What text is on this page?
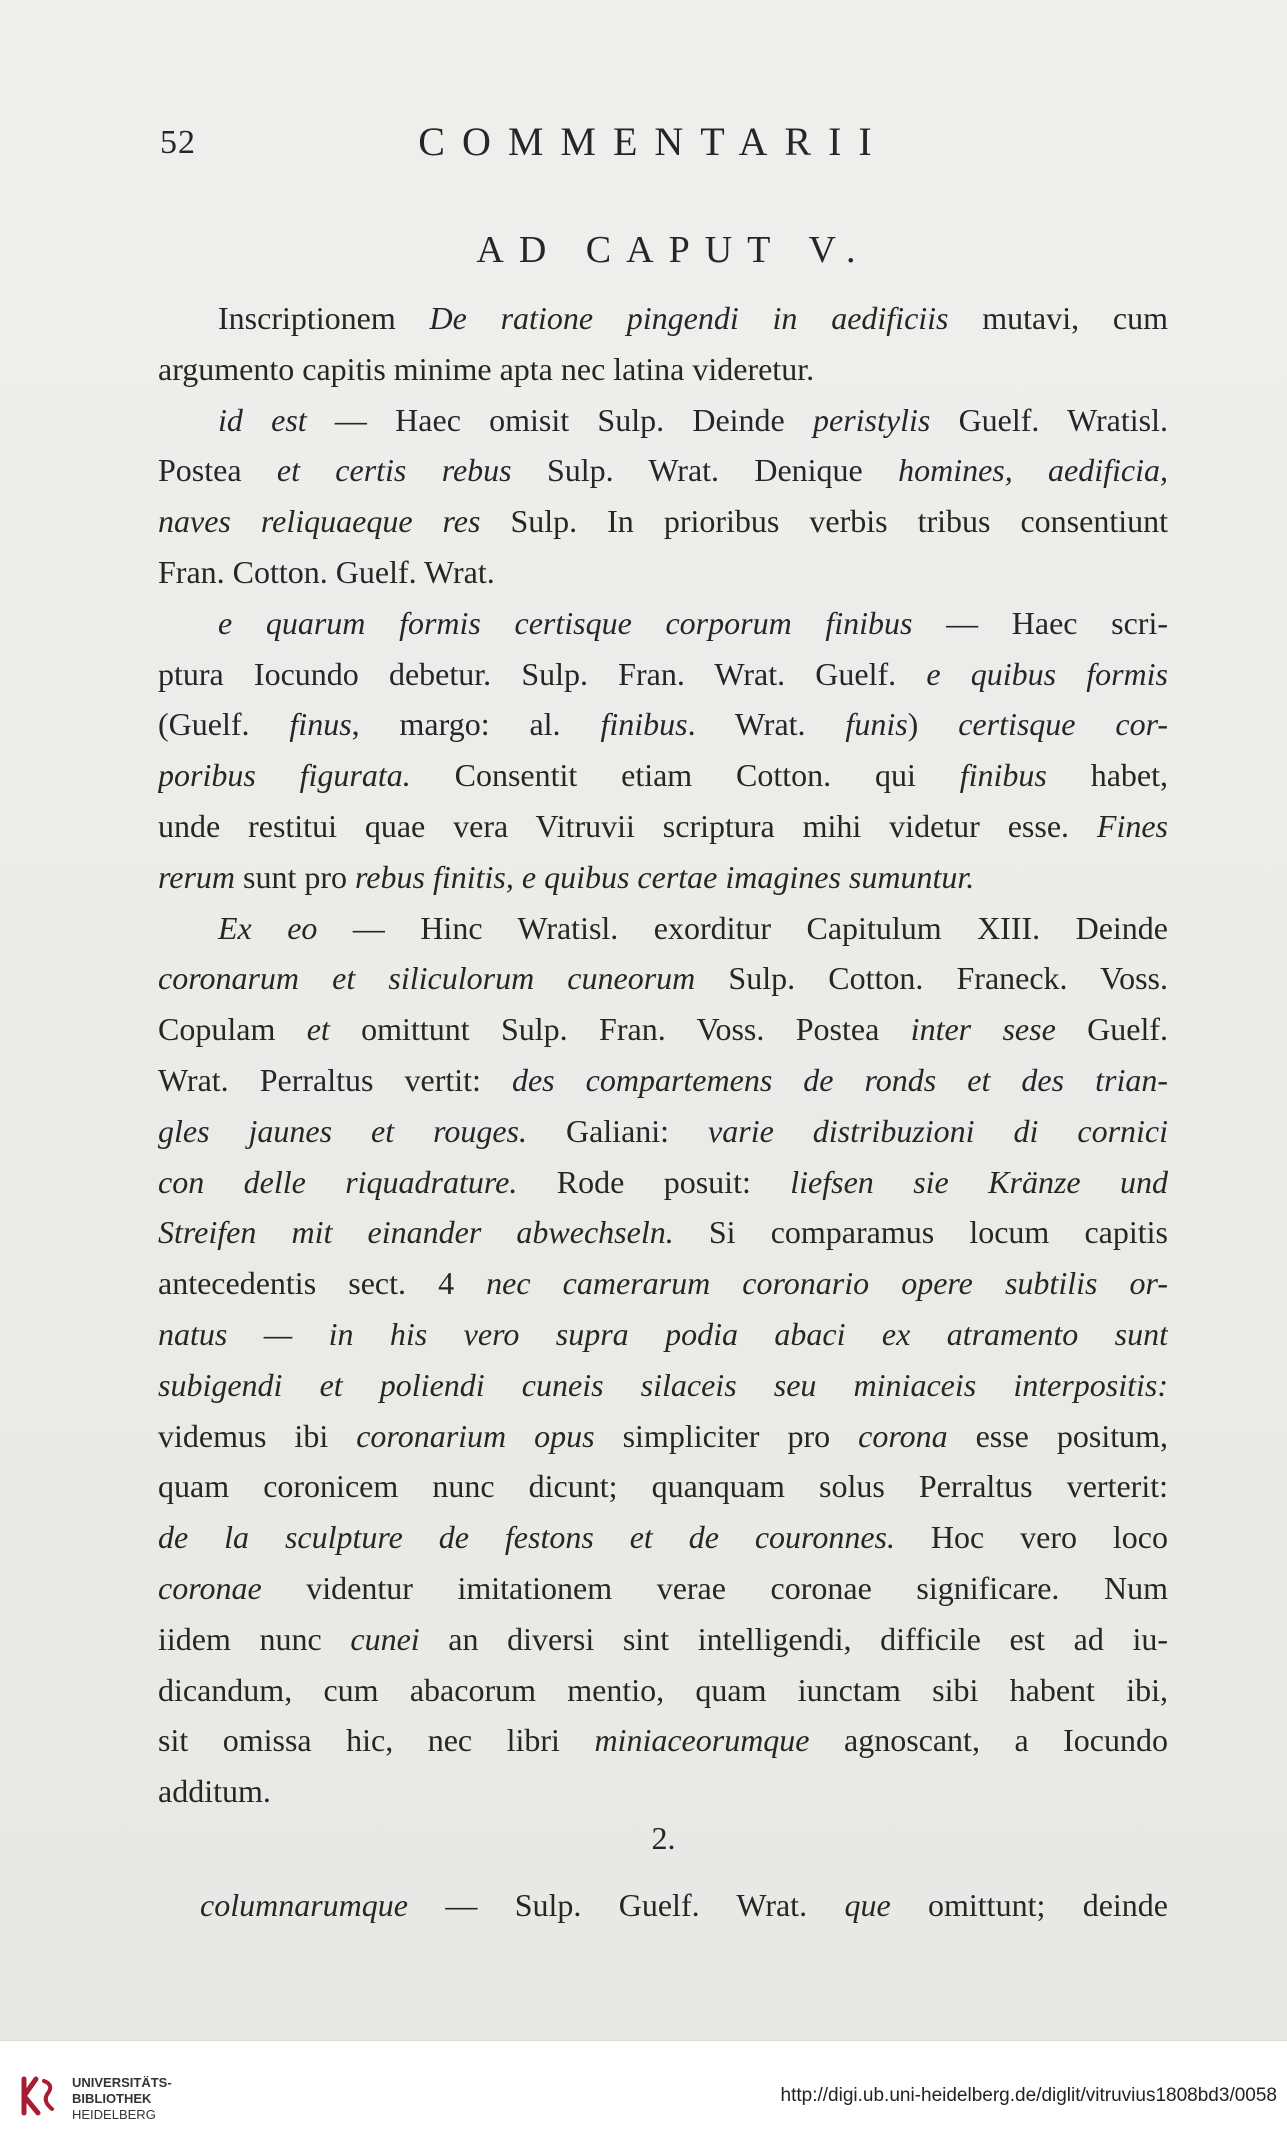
52	COMMENTARII
AD CAPUT V.
Inscriptionem De ratione pingendi in aedificiis mutavi, cum
argumento capitis minime apta nec latina videretur.
id est — Haec omisit Sulp. Deinde peristylis Guelf. Wratisl.
Postea et certis rebus Sulp. Wrat. Denique homines, aedificia,
naves reliquaeque res Sulp. In prioribus verbis tribus consentiunt
Fran. Cotton. Guelf. Wrat.
e quarum formis certisque corporum finibus — Haec scri-
ptura Iocundo debetur. Sulp. Fran. Wrat. Guelf. e quibus formis
(Guelf. finus, margo: al. finibus. Wrat. funis) certisque cor-
poribus figurata. Consentit etiam Cotton. qui finibus habet,
unde restitui quae vera Vitruvii scriptura mihi videtur esse. Fines
rerum sunt pro rebus finitis, e quibus certae imagines sumuntur.
Ex eo — Hinc Wratisl. exorditur Capitulum XIII. Deinde
coronarum et siliculorum cuneorum Sulp. Cotton. Franeck. Voss.
Copulam et omittunt Sulp. Fran. Voss. Postea inter sese Guelf.
Wrat. Perraltus vertit: des compartemens de ronds et des trian-
gles jaunes et rouges. Galiani: varie distribuzioni di cornici
con delle riquadrature. Rode posuit: liefsen sie Kränze und
Streifen mit einander abwechseln. Si comparamus locum capitis
antecedentis sect. 4 nec camerarum coronario opere subtilis or-
natus — in his vero supra podia abaci ex atramento sunt
subigendi et poliendi cuneis silaceis seu miniaceis interpositis:
videmus ibi coronarium opus simpliciter pro corona esse positum,
quam coronicem nunc dicunt; quanquam solus Perraltus verterit:
de la sculpture de festons et de couronnes. Hoc vero loco
coronae videntur imitationem verae coronae significare. Num
iidem nunc cunei an diversi sint intelligendi, difficile est ad iu-
dicandum, cum abacorum mentio, quam iunctam sibi habent ibi,
sit omissa hic, nec libri miniaceorumque agnoscant, a Iocundo
additum.
2.
columnarumque — Sulp. Guelf. Wrat. que omittunt; deinde
UNIVERSITÄTS-
BIBLIOTHEK
HEIDELBERG
http://digi.ub.uni-heidelberg.de/diglit/vitruvius1808bd3/0058
